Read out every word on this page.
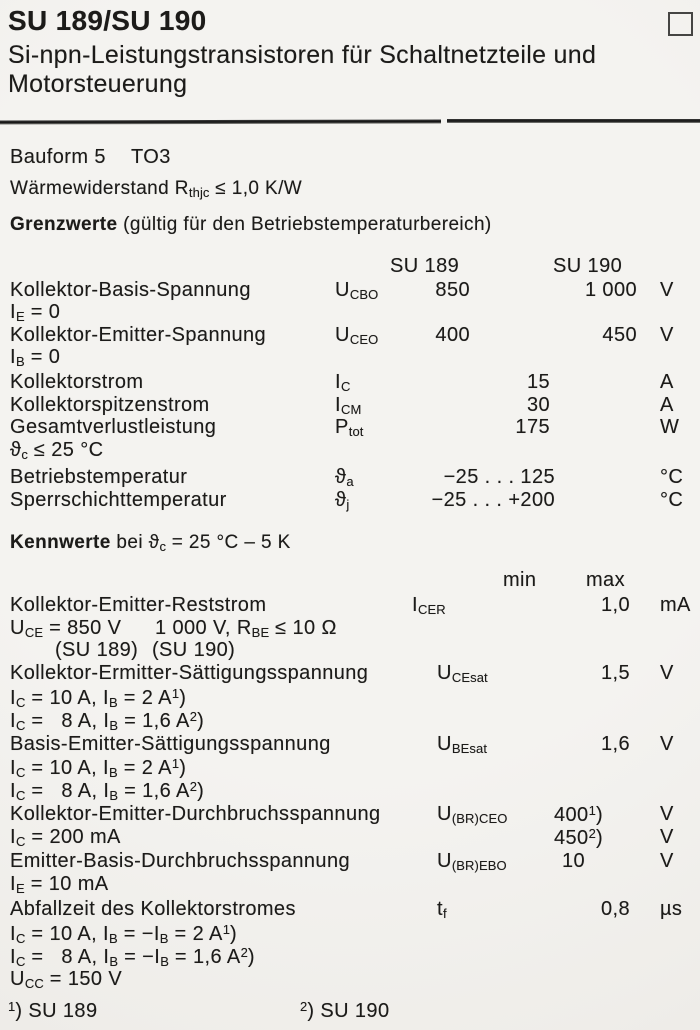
SU 189/SU 190
Si-npn-Leistungstransistoren für Schaltnetzteile und Motorsteuerung
Bauform 5 TO3
Wärmewiderstand $R_{thjc} \le 1,0$ K/W
Grenzwerte (gültig für den Betriebstemperaturbereich)
SU 189	SU 190
Kollektor-Basis-Spannung	$U_{CBO}$	850	1 000 V
$I_E = 0$
Kollektor-Emitter-Spannung	$U_{CEO}$	400	450 V
$I_B = 0$
Kollektorstrom	$I_C$	15	A
Kollektorspitzenstrom	$I_{CM}$	30	A
Gesamtverlustleistung	$P_{tot}$	175	W
$ϑ_c \le 25$ °C
Betriebstemperatur	$ϑ_a$	−25 . . . 125	°C
Sperrschichttemperatur	$ϑ_j$	−25 . . . +200	°C
Kennwerte bei $ϑ_c = 25$ °C – 5 K
min max
Kollektor-Emitter-Reststrom	$I_{CER}$	1,0 mA
$U_{CE} = 850$ V 1 000 V, $R_{BE} \le 10$ Ω
(SU 189) (SU 190)
Kollektor-Ermitter-Sättigungsspannung	$U_{CEsat}$	1,5 V
$I_C = 10$ A, $I_B = 2$ $A^1$)
$I_C = 8$ A, $I_B = 1,6$ $A^2$)
Basis-Emitter-Sättigungsspannung	$U_{BEsat}$	1,6 V
$I_C = 10$ A, $I_B = 2$ $A^1$)
$I_C = 8$ A, $I_B = 1,6$ $A^2$)
Kollektor-Emitter-Durchbruchsspannung	$U_{(BR)CEO}$	$400^1$)	V
$I_C = 200$ mA	$450^2$)	V
Emitter-Basis-Durchbruchsspannung	$U_{(BR)EBO}$	10	V
$I_E = 10$ mA
Abfallzeit des Kollektorstromes	$t_f$	0,8 µs
$I_C = 10$ A, $I_B = -I_B = 2$ $A^1$)
$I_C = 8$ A, $I_B = -I_B = 1,6$ $A^2$)
$U_{CC} = 150$ V
$^1$) SU 189	$^2$) SU 190
